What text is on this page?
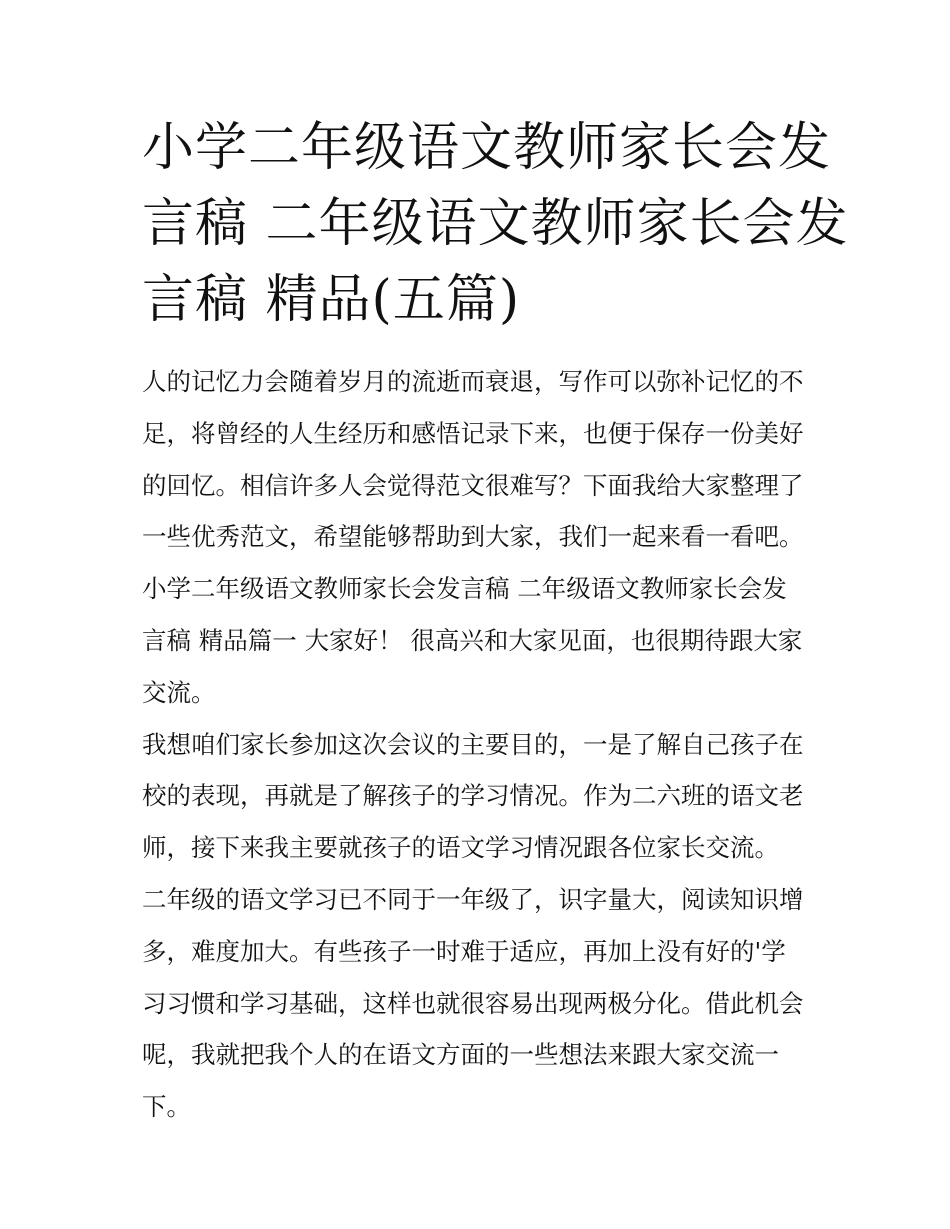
小学二年级语文教师家长会发
言稿 二年级语文教师家长会发
言稿 精品(五篇)
人的记忆力会随着岁月的流逝而衰退，写作可以弥补记忆的不
足，将曾经的人生经历和感悟记录下来，也便于保存一份美好
的回忆。相信许多人会觉得范文很难写？下面我给大家整理了
一些优秀范文，希望能够帮助到大家，我们一起来看一看吧。
小学二年级语文教师家长会发言稿 二年级语文教师家长会发
言稿 精品篇一 大家好！ 很高兴和大家见面，也很期待跟大家
交流。
我想咱们家长参加这次会议的主要目的，一是了解自己孩子在
校的表现，再就是了解孩子的学习情况。作为二六班的语文老
师，接下来我主要就孩子的语文学习情况跟各位家长交流。
二年级的语文学习已不同于一年级了，识字量大，阅读知识增
多，难度加大。有些孩子一时难于适应，再加上没有好的'学
习习惯和学习基础，这样也就很容易出现两极分化。借此机会
呢，我就把我个人的在语文方面的一些想法来跟大家交流一
下。
